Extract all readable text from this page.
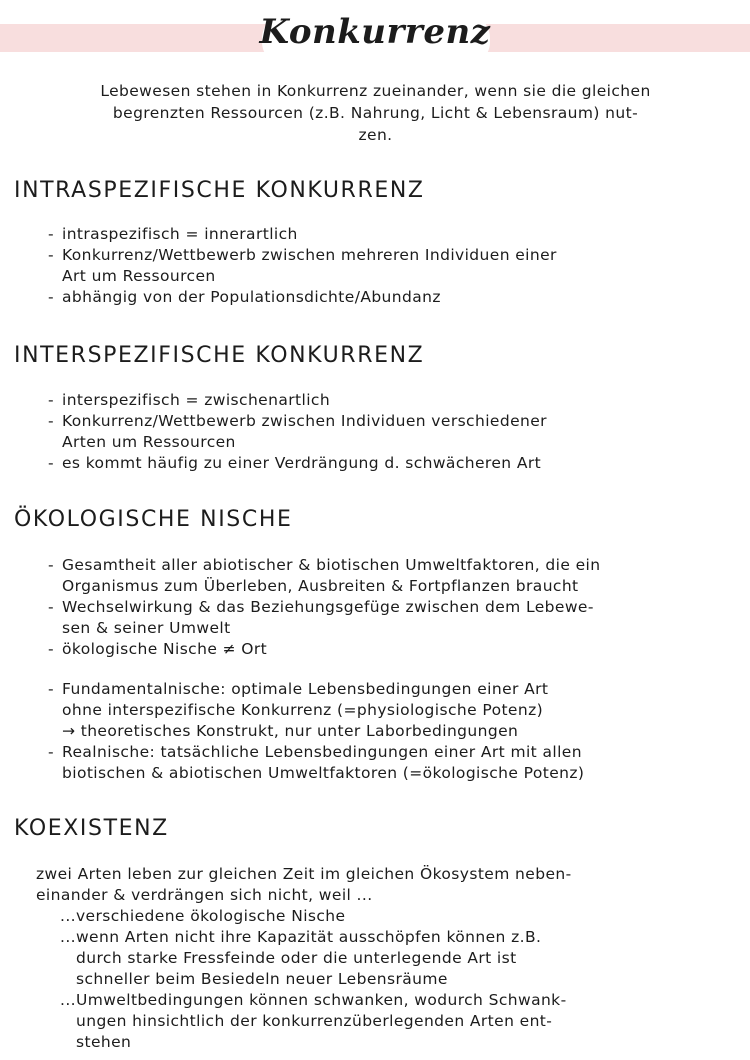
Konkurrenz
Lebewesen stehen in Konkurrenz zueinander, wenn sie die gleichen
begrenzten Ressourcen (z.B. Nahrung, Licht & Lebensraum) nut-
zen.
INTRASPEZIFISCHE KONKURRENZ
- intraspezifisch = innerartlich
- Konkurrenz/Wettbewerb zwischen mehreren Individuen einer
Art um Ressourcen
- abhängig von der Populationsdichte/Abundanz
INTERSPEZIFISCHE KONKURRENZ
- interspezifisch = zwischenartlich
- Konkurrenz/Wettbewerb zwischen Individuen verschiedener
Arten um Ressourcen
- es kommt häufig zu einer Verdrängung d. schwächeren Art
ÖKOLOGISCHE NISCHE
- Gesamtheit aller abiotischer & biotischen Umweltfaktoren, die ein
Organismus zum Überleben, Ausbreiten & Fortpflanzen braucht
- Wechselwirkung & das Beziehungsgefüge zwischen dem Lebewe-
sen & seiner Umwelt
- ökologische Nische ≠ Ort
- Fundamentalnische: optimale Lebensbedingungen einer Art
ohne interspezifische Konkurrenz (=physiologische Potenz)
→ theoretisches Konstrukt, nur unter Laborbedingungen
- Realnische: tatsächliche Lebensbedingungen einer Art mit allen
biotischen & abiotischen Umweltfaktoren (=ökologische Potenz)
KOEXISTENZ
zwei Arten leben zur gleichen Zeit im gleichen Ökosystem neben-
einander & verdrängen sich nicht, weil ...
...verschiedene ökologische Nische
...wenn Arten nicht ihre Kapazität ausschöpfen können z.B.
durch starke Fressfeinde oder die unterlegende Art ist
schneller beim Besiedeln neuer Lebensräume
...Umweltbedingungen können schwanken, wodurch Schwank-
ungen hinsichtlich der konkurrenzüberlegenden Arten ent-
stehen
